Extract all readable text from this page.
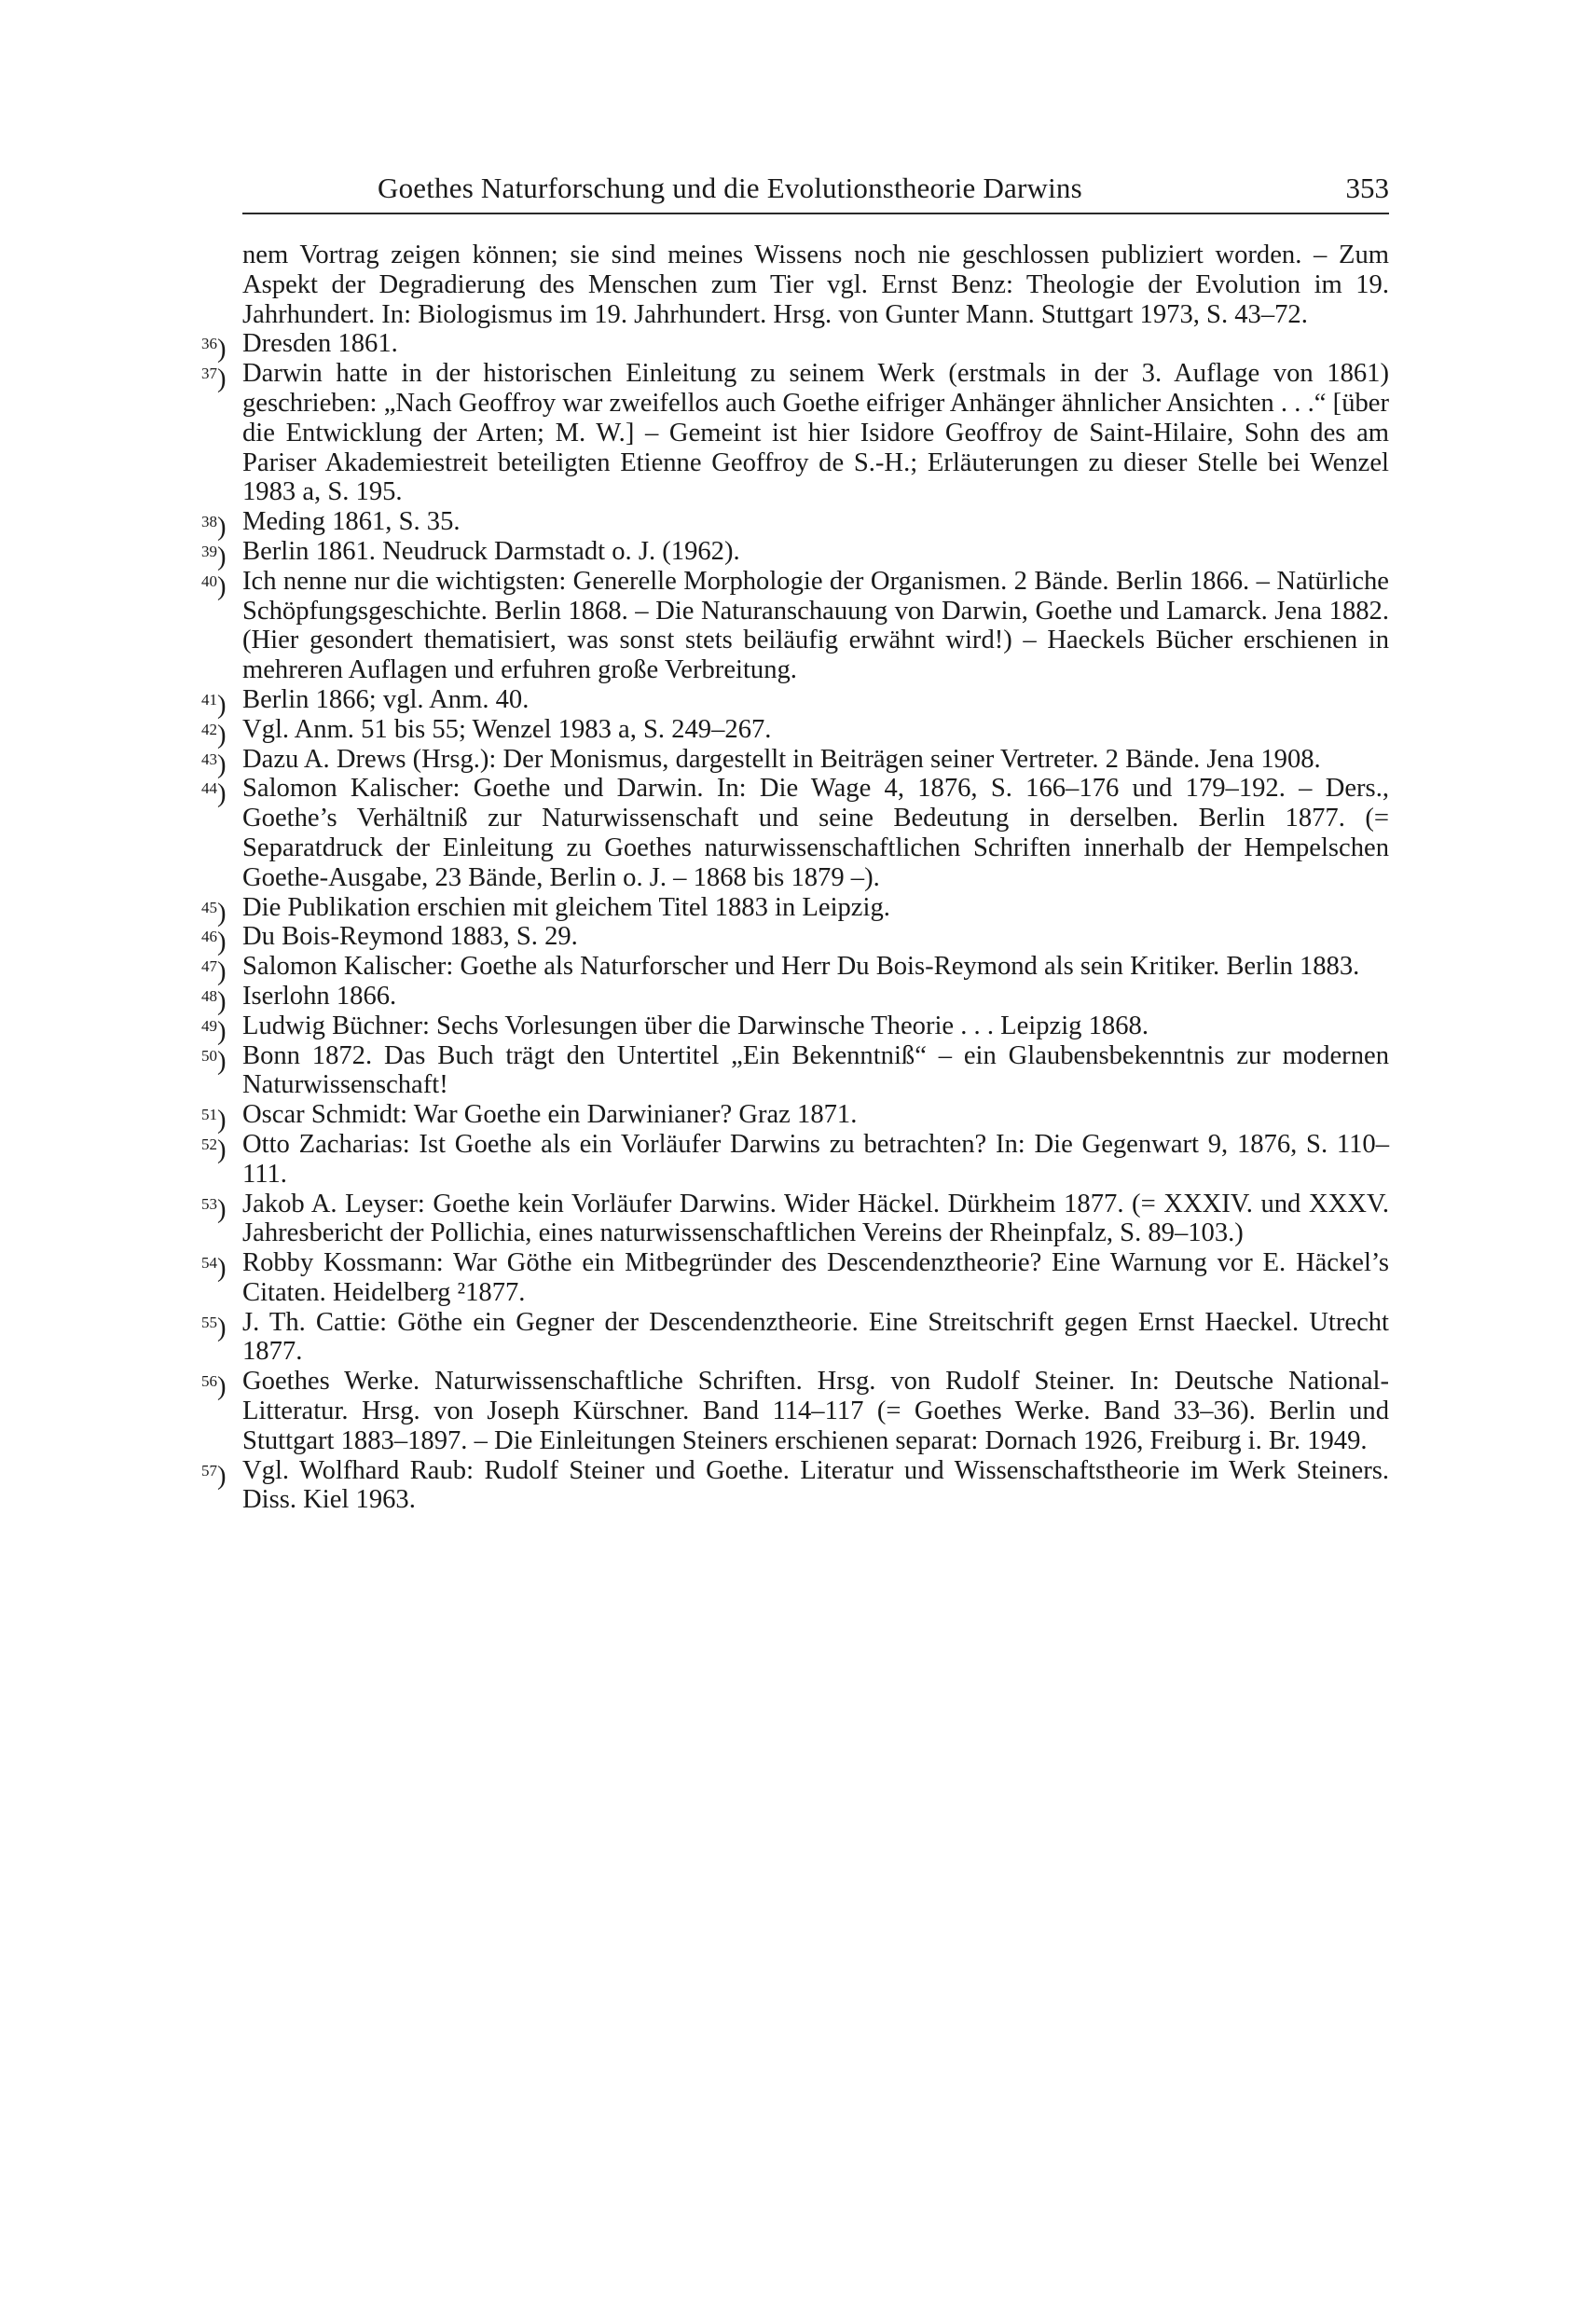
Goethes Naturforschung und die Evolutionstheorie Darwins	353

nem Vortrag zeigen können; sie sind meines Wissens noch nie geschlossen publiziert worden. – Zum Aspekt der Degradierung des Menschen zum Tier vgl. Ernst Benz: Theologie der Evolution im 19. Jahrhundert. In: Biologismus im 19. Jahrhundert. Hrsg. von Gunter Mann. Stuttgart 1973, S. 43–72.

$^{36}$) Dresden 1861.

$^{37}$) Darwin hatte in der historischen Einleitung zu seinem Werk (erstmals in der 3. Auflage von 1861) geschrieben: „Nach Geoffroy war zweifellos auch Goethe eifriger Anhänger ähnlicher Ansichten . . .“ [über die Entwicklung der Arten; M. W.] – Gemeint ist hier Isidore Geoffroy de Saint-Hilaire, Sohn des am Pariser Akademiestreit beteiligten Etienne Geoffroy de S.-H.; Erläuterungen zu dieser Stelle bei Wenzel 1983 a, S. 195.

$^{38}$) Meding 1861, S. 35.

$^{39}$) Berlin 1861. Neudruck Darmstadt o. J. (1962).

$^{40}$) Ich nenne nur die wichtigsten: Generelle Morphologie der Organismen. 2 Bände. Berlin 1866. – Natürliche Schöpfungsgeschichte. Berlin 1868. – Die Naturanschauung von Darwin, Goethe und Lamarck. Jena 1882. (Hier gesondert thematisiert, was sonst stets beiläufig erwähnt wird!) – Haeckels Bücher erschienen in mehreren Auflagen und erfuhren große Verbreitung.

$^{41}$) Berlin 1866; vgl. Anm. 40.

$^{42}$) Vgl. Anm. 51 bis 55; Wenzel 1983 a, S. 249–267.

$^{43}$) Dazu A. Drews (Hrsg.): Der Monismus, dargestellt in Beiträgen seiner Vertreter. 2 Bände. Jena 1908.

$^{44}$) Salomon Kalischer: Goethe und Darwin. In: Die Wage 4, 1876, S. 166–176 und 179–192. – Ders., Goethe’s Verhältniß zur Naturwissenschaft und seine Bedeutung in derselben. Berlin 1877. (= Separatdruck der Einleitung zu Goethes naturwissenschaftlichen Schriften innerhalb der Hempelschen Goethe-Ausgabe, 23 Bände, Berlin o. J. – 1868 bis 1879 –).

$^{45}$) Die Publikation erschien mit gleichem Titel 1883 in Leipzig.

$^{46}$) Du Bois-Reymond 1883, S. 29.

$^{47}$) Salomon Kalischer: Goethe als Naturforscher und Herr Du Bois-Reymond als sein Kritiker. Berlin 1883.

$^{48}$) Iserlohn 1866.

$^{49}$) Ludwig Büchner: Sechs Vorlesungen über die Darwinsche Theorie . . . Leipzig 1868.

$^{50}$) Bonn 1872. Das Buch trägt den Untertitel „Ein Bekenntniß“ – ein Glaubensbekenntnis zur modernen Naturwissenschaft!

$^{51}$) Oscar Schmidt: War Goethe ein Darwinianer? Graz 1871.

$^{52}$) Otto Zacharias: Ist Goethe als ein Vorläufer Darwins zu betrachten? In: Die Gegenwart 9, 1876, S. 110–111.

$^{53}$) Jakob A. Leyser: Goethe kein Vorläufer Darwins. Wider Häckel. Dürkheim 1877. (= XXXIV. und XXXV. Jahresbericht der Pollichia, eines naturwissenschaftlichen Vereins der Rheinpfalz, S. 89–103.)

$^{54}$) Robby Kossmann: War Göthe ein Mitbegründer des Descendenztheorie? Eine Warnung vor E. Häckel’s Citaten. Heidelberg ²1877.

$^{55}$) J. Th. Cattie: Göthe ein Gegner der Descendenztheorie. Eine Streitschrift gegen Ernst Haeckel. Utrecht 1877.

$^{56}$) Goethes Werke. Naturwissenschaftliche Schriften. Hrsg. von Rudolf Steiner. In: Deutsche National-Litteratur. Hrsg. von Joseph Kürschner. Band 114–117 (= Goethes Werke. Band 33–36). Berlin und Stuttgart 1883–1897. – Die Einleitungen Steiners erschienen separat: Dornach 1926, Freiburg i. Br. 1949.

$^{57}$) Vgl. Wolfhard Raub: Rudolf Steiner und Goethe. Literatur und Wissenschaftstheorie im Werk Steiners. Diss. Kiel 1963.
